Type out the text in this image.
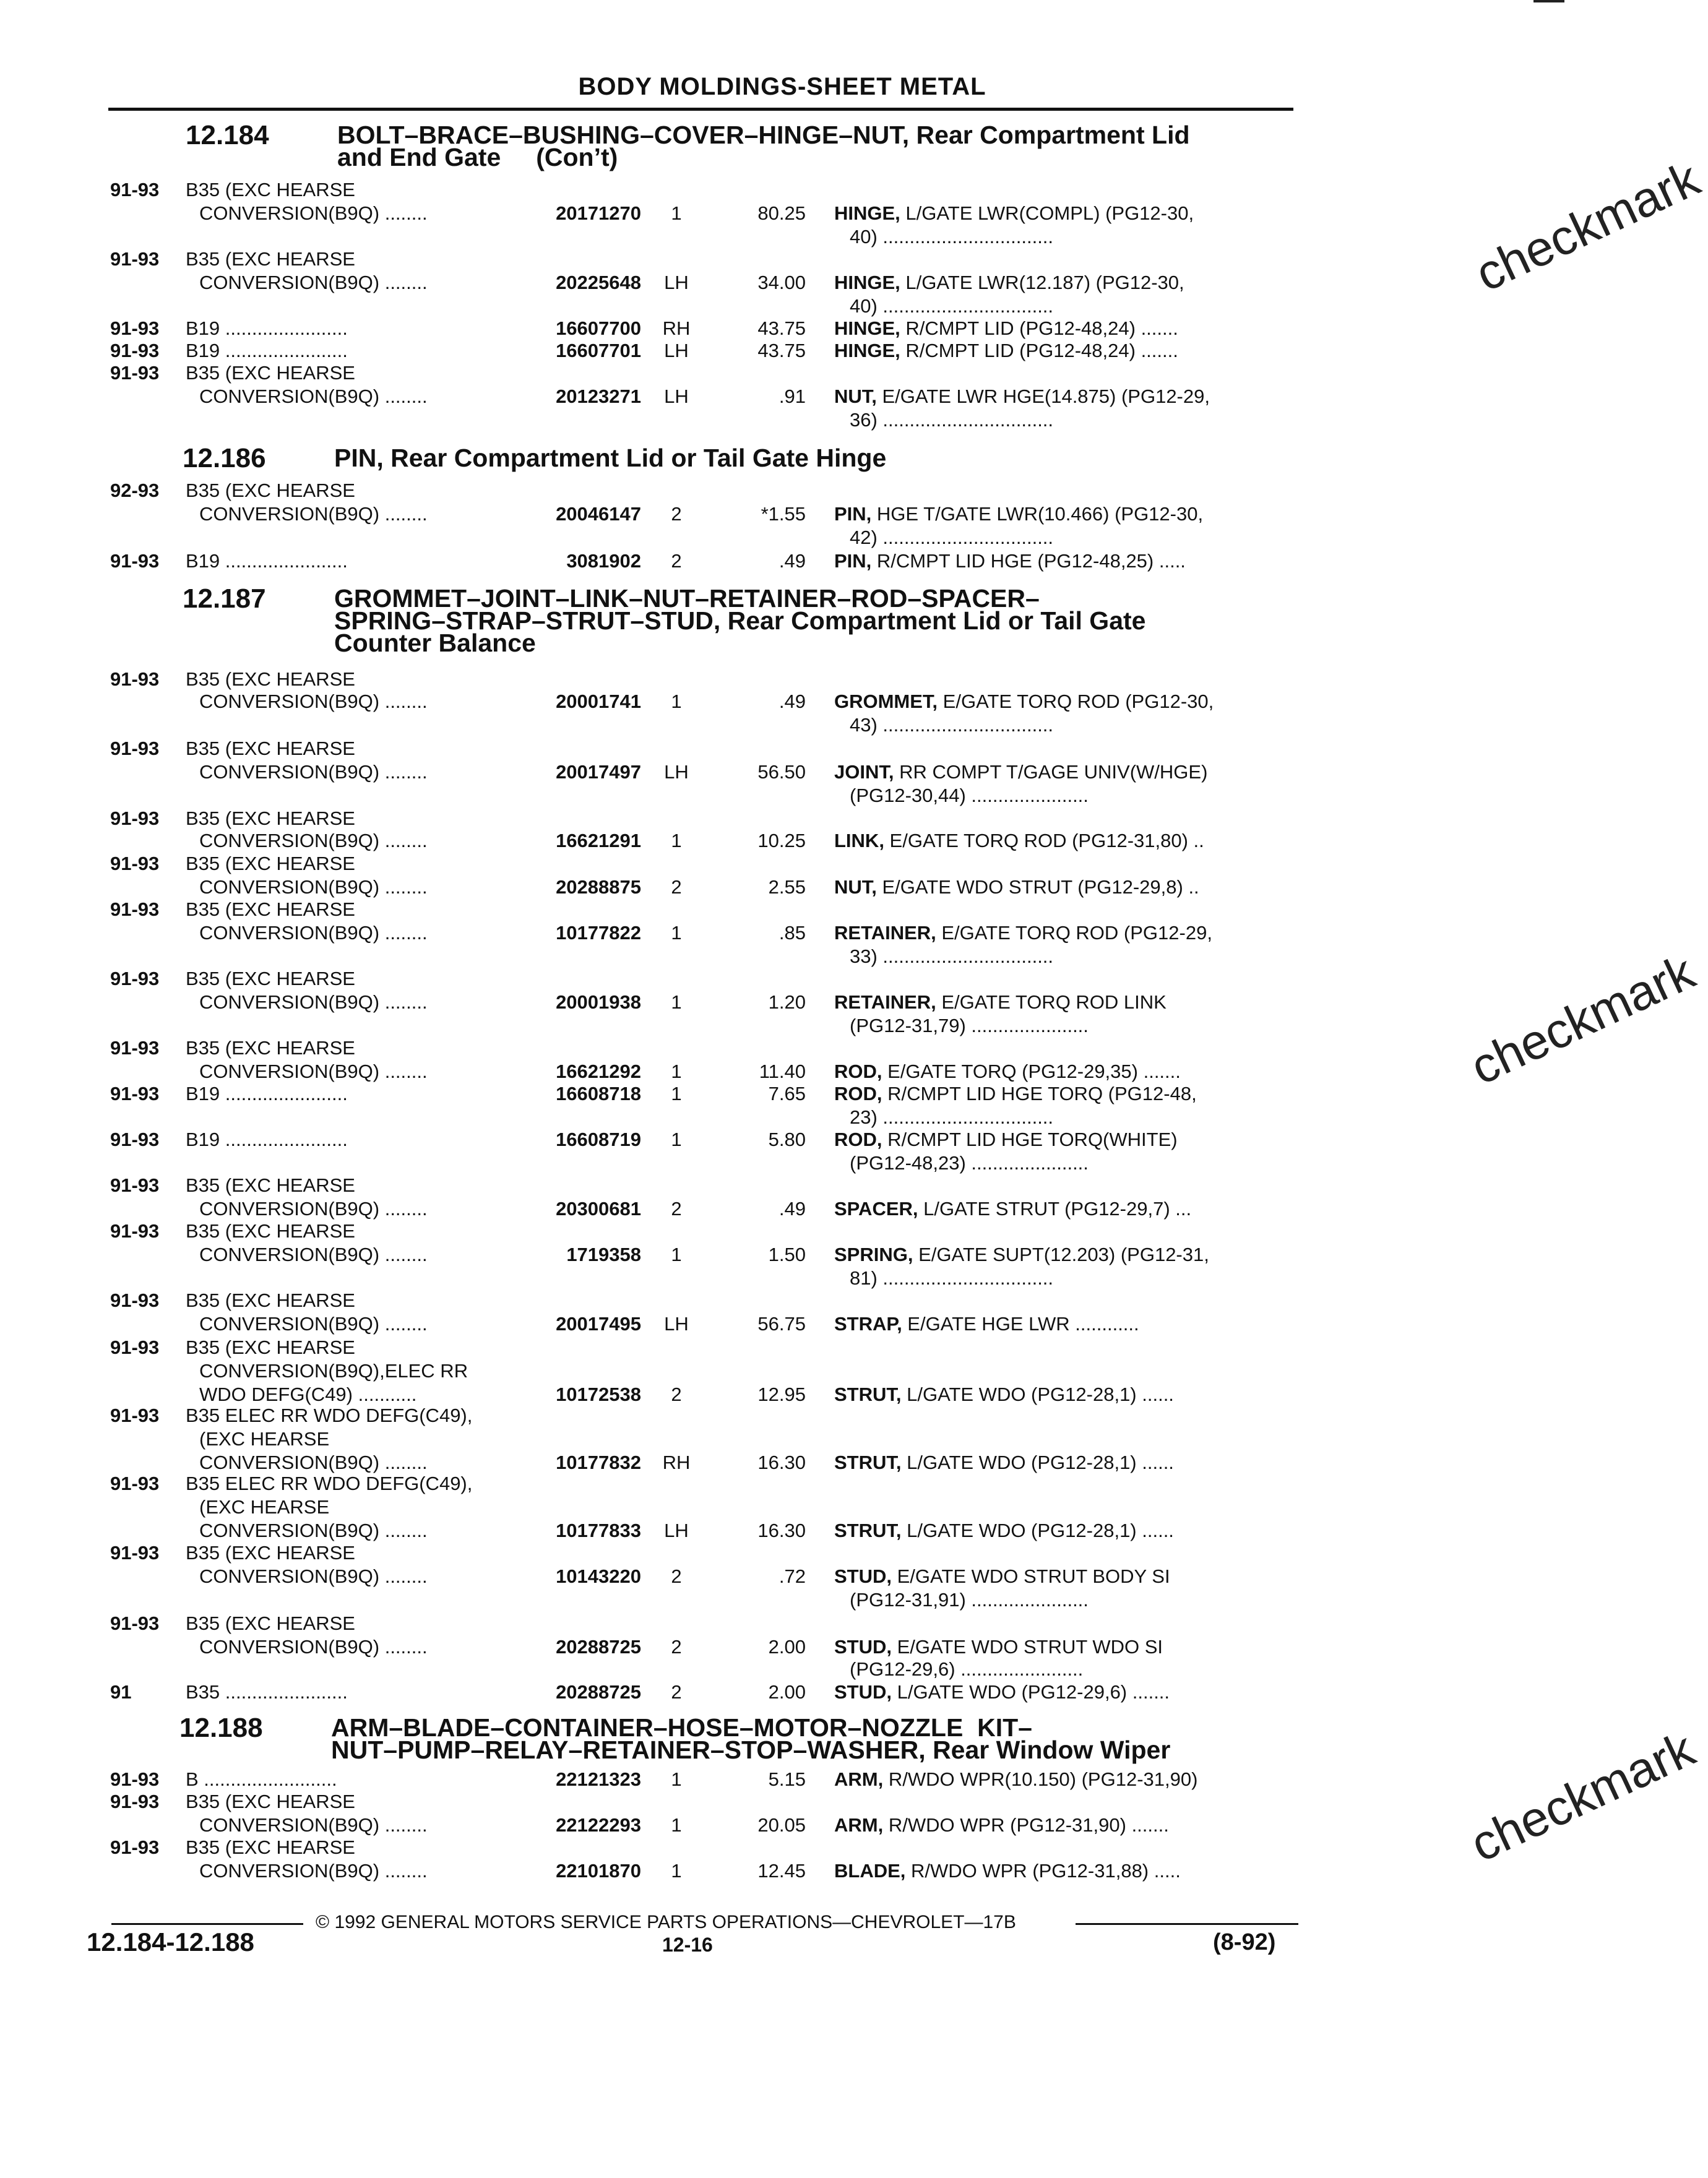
BODY MOLDINGS-SHEET METAL
12.184	BOLT–BRACE–BUSHING–COVER–HINGE–NUT, Rear Compartment Lid
and End Gate     (Con’t)
12.186	PIN, Rear Compartment Lid or Tail Gate Hinge
12.187	GROMMET–JOINT–LINK–NUT–RETAINER–ROD–SPACER–
SPRING–STRAP–STRUT–STUD, Rear Compartment Lid or Tail Gate
Counter Balance
12.188	ARM–BLADE–CONTAINER–HOSE–MOTOR–NOZZLE  KIT–
NUT–PUMP–RELAY–RETAINER–STOP–WASHER, Rear Window Wiper
91-93 B35 (EXC HEARSE
CONVERSION(B9Q) ........	20171270	1	80.25 HINGE, L/GATE LWR(COMPL) (PG12-30,
40) ................................
91-93 B35 (EXC HEARSE
CONVERSION(B9Q) ........	20225648	LH	34.00 HINGE, L/GATE LWR(12.187) (PG12-30,
40) ................................
91-93 B19 .......................	16607700 RH	43.75 HINGE, R/CMPT LID (PG12-48,24) .......
91-93 B19 .......................	16607701	LH	43.75 HINGE, R/CMPT LID (PG12-48,24) .......
91-93 B35 (EXC HEARSE
CONVERSION(B9Q) ........	20123271	LH	.91 NUT, E/GATE LWR HGE(14.875) (PG12-29,
36) ................................
92-93 B35 (EXC HEARSE
CONVERSION(B9Q) ........	20046147	2	*1.55 PIN, HGE T/GATE LWR(10.466) (PG12-30,
42) ................................
91-93 B19 .......................	3081902	2	.49 PIN, R/CMPT LID HGE (PG12-48,25) .....
91-93 B35 (EXC HEARSE
CONVERSION(B9Q) ........	20001741	1	.49 GROMMET, E/GATE TORQ ROD (PG12-30,
43) ................................
91-93 B35 (EXC HEARSE
CONVERSION(B9Q) ........	20017497	LH	56.50 JOINT, RR COMPT T/GAGE UNIV(W/HGE)
(PG12-30,44) ......................
91-93 B35 (EXC HEARSE
CONVERSION(B9Q) ........	16621291	1	10.25 LINK, E/GATE TORQ ROD (PG12-31,80) ..
91-93 B35 (EXC HEARSE
CONVERSION(B9Q) ........	20288875	2	2.55 NUT, E/GATE WDO STRUT (PG12-29,8) ..
91-93 B35 (EXC HEARSE
CONVERSION(B9Q) ........	10177822	1	.85 RETAINER, E/GATE TORQ ROD (PG12-29,
33) ................................
91-93 B35 (EXC HEARSE
CONVERSION(B9Q) ........	20001938	1	1.20 RETAINER, E/GATE TORQ ROD LINK
(PG12-31,79) ......................
91-93 B35 (EXC HEARSE
CONVERSION(B9Q) ........	16621292	1	11.40 ROD, E/GATE TORQ (PG12-29,35) .......
91-93 B19 .......................	16608718	1	7.65 ROD, R/CMPT LID HGE TORQ (PG12-48,
23) ................................
91-93 B19 .......................	16608719	1	5.80 ROD, R/CMPT LID HGE TORQ(WHITE)
(PG12-48,23) ......................
91-93 B35 (EXC HEARSE
CONVERSION(B9Q) ........	20300681	2	.49 SPACER, L/GATE STRUT (PG12-29,7) ...
91-93 B35 (EXC HEARSE
CONVERSION(B9Q) ........	1719358	1	1.50 SPRING, E/GATE SUPT(12.203) (PG12-31,
81) ................................
91-93 B35 (EXC HEARSE
CONVERSION(B9Q) ........	20017495	LH	56.75 STRAP, E/GATE HGE LWR ............
91-93 B35 (EXC HEARSE
CONVERSION(B9Q),ELEC RR
WDO DEFG(C49) ...........	10172538	2	12.95 STRUT, L/GATE WDO (PG12-28,1) ......
91-93 B35 ELEC RR WDO DEFG(C49),
(EXC HEARSE
CONVERSION(B9Q) ........	10177832 RH	16.30 STRUT, L/GATE WDO (PG12-28,1) ......
91-93 B35 ELEC RR WDO DEFG(C49),
(EXC HEARSE
CONVERSION(B9Q) ........	10177833	LH	16.30 STRUT, L/GATE WDO (PG12-28,1) ......
91-93 B35 (EXC HEARSE
CONVERSION(B9Q) ........	10143220	2	.72 STUD, E/GATE WDO STRUT BODY SI
(PG12-31,91) ......................
91-93 B35 (EXC HEARSE
CONVERSION(B9Q) ........	20288725	2	2.00 STUD, E/GATE WDO STRUT WDO SI
(PG12-29,6) .......................
91	B35 .......................	20288725	2	2.00 STUD, L/GATE WDO (PG12-29,6) .......
91-93 B .........................	22121323	1	5.15 ARM, R/WDO WPR(10.150) (PG12-31,90)
91-93 B35 (EXC HEARSE
CONVERSION(B9Q) ........	22122293	1	20.05 ARM, R/WDO WPR (PG12-31,90) .......
91-93 B35 (EXC HEARSE
CONVERSION(B9Q) ........	22101870	1	12.45 BLADE, R/WDO WPR (PG12-31,88) .....
checkmark
checkmark
checkmark
© 1992 GENERAL MOTORS SERVICE PARTS OPERATIONS—CHEVROLET—17B
12.184-12.188	12-16	(8-92)
